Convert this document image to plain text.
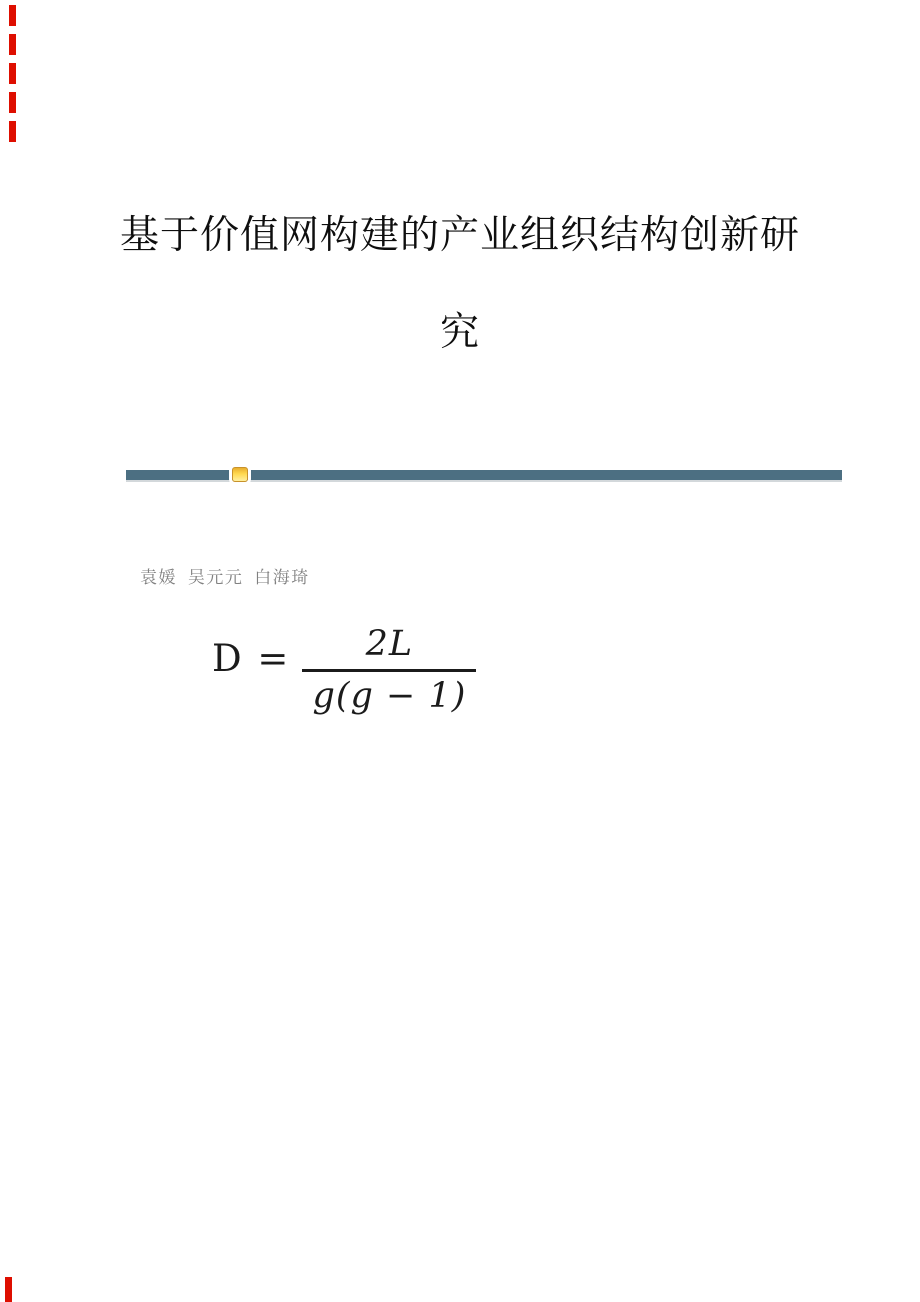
基于价值网构建的产业组织结构创新研
究

袁媛 吴元元 白海琦

$D = \frac{2L}{g(g - 1)}$
